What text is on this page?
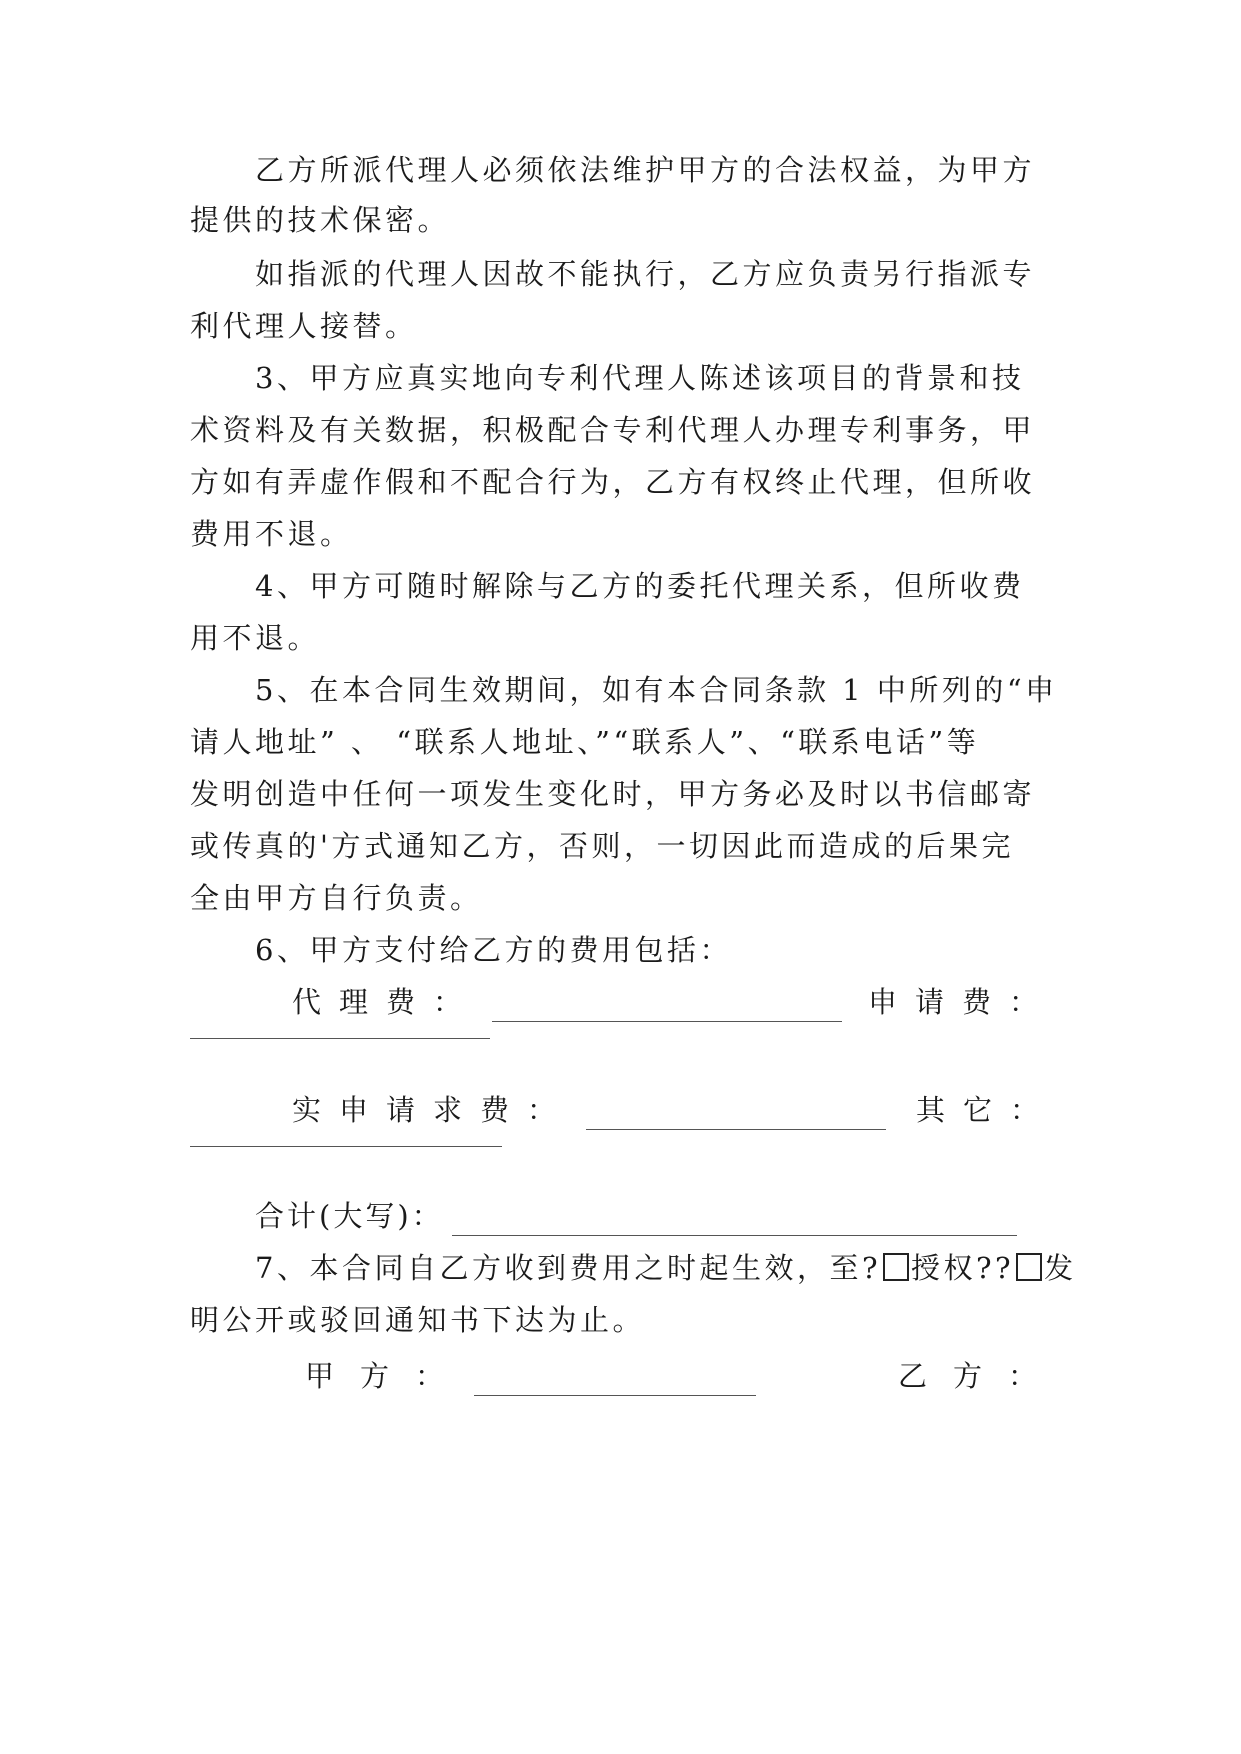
乙方所派代理人必须依法维护甲方的合法权益，为甲方
提供的技术保密。
如指派的代理人因故不能执行，乙方应负责另行指派专
利代理人接替。
3、甲方应真实地向专利代理人陈述该项目的背景和技
术资料及有关数据，积极配合专利代理人办理专利事务，甲
方如有弄虚作假和不配合行为，乙方有权终止代理，但所收
费用不退。
4、甲方可随时解除与乙方的委托代理关系，但所收费
用不退。
5、在本合同生效期间，如有本合同条款 1 中所列的“申
请人地址” 、 “联系人地址、”“联系人”、“联系电话”等
发明创造中任何一项发生变化时，甲方务必及时以书信邮寄
或传真的'方式通知乙方，否则，一切因此而造成的后果完
全由甲方自行负责。
6、甲方支付给乙方的费用包括：
代理费：	申请费：
实申请求费：	其它：
合计(大写)：
7、本合同自乙方收到费用之时起生效，至? 授权?? 发
明公开或驳回通知书下达为止。
甲方：	乙方：
